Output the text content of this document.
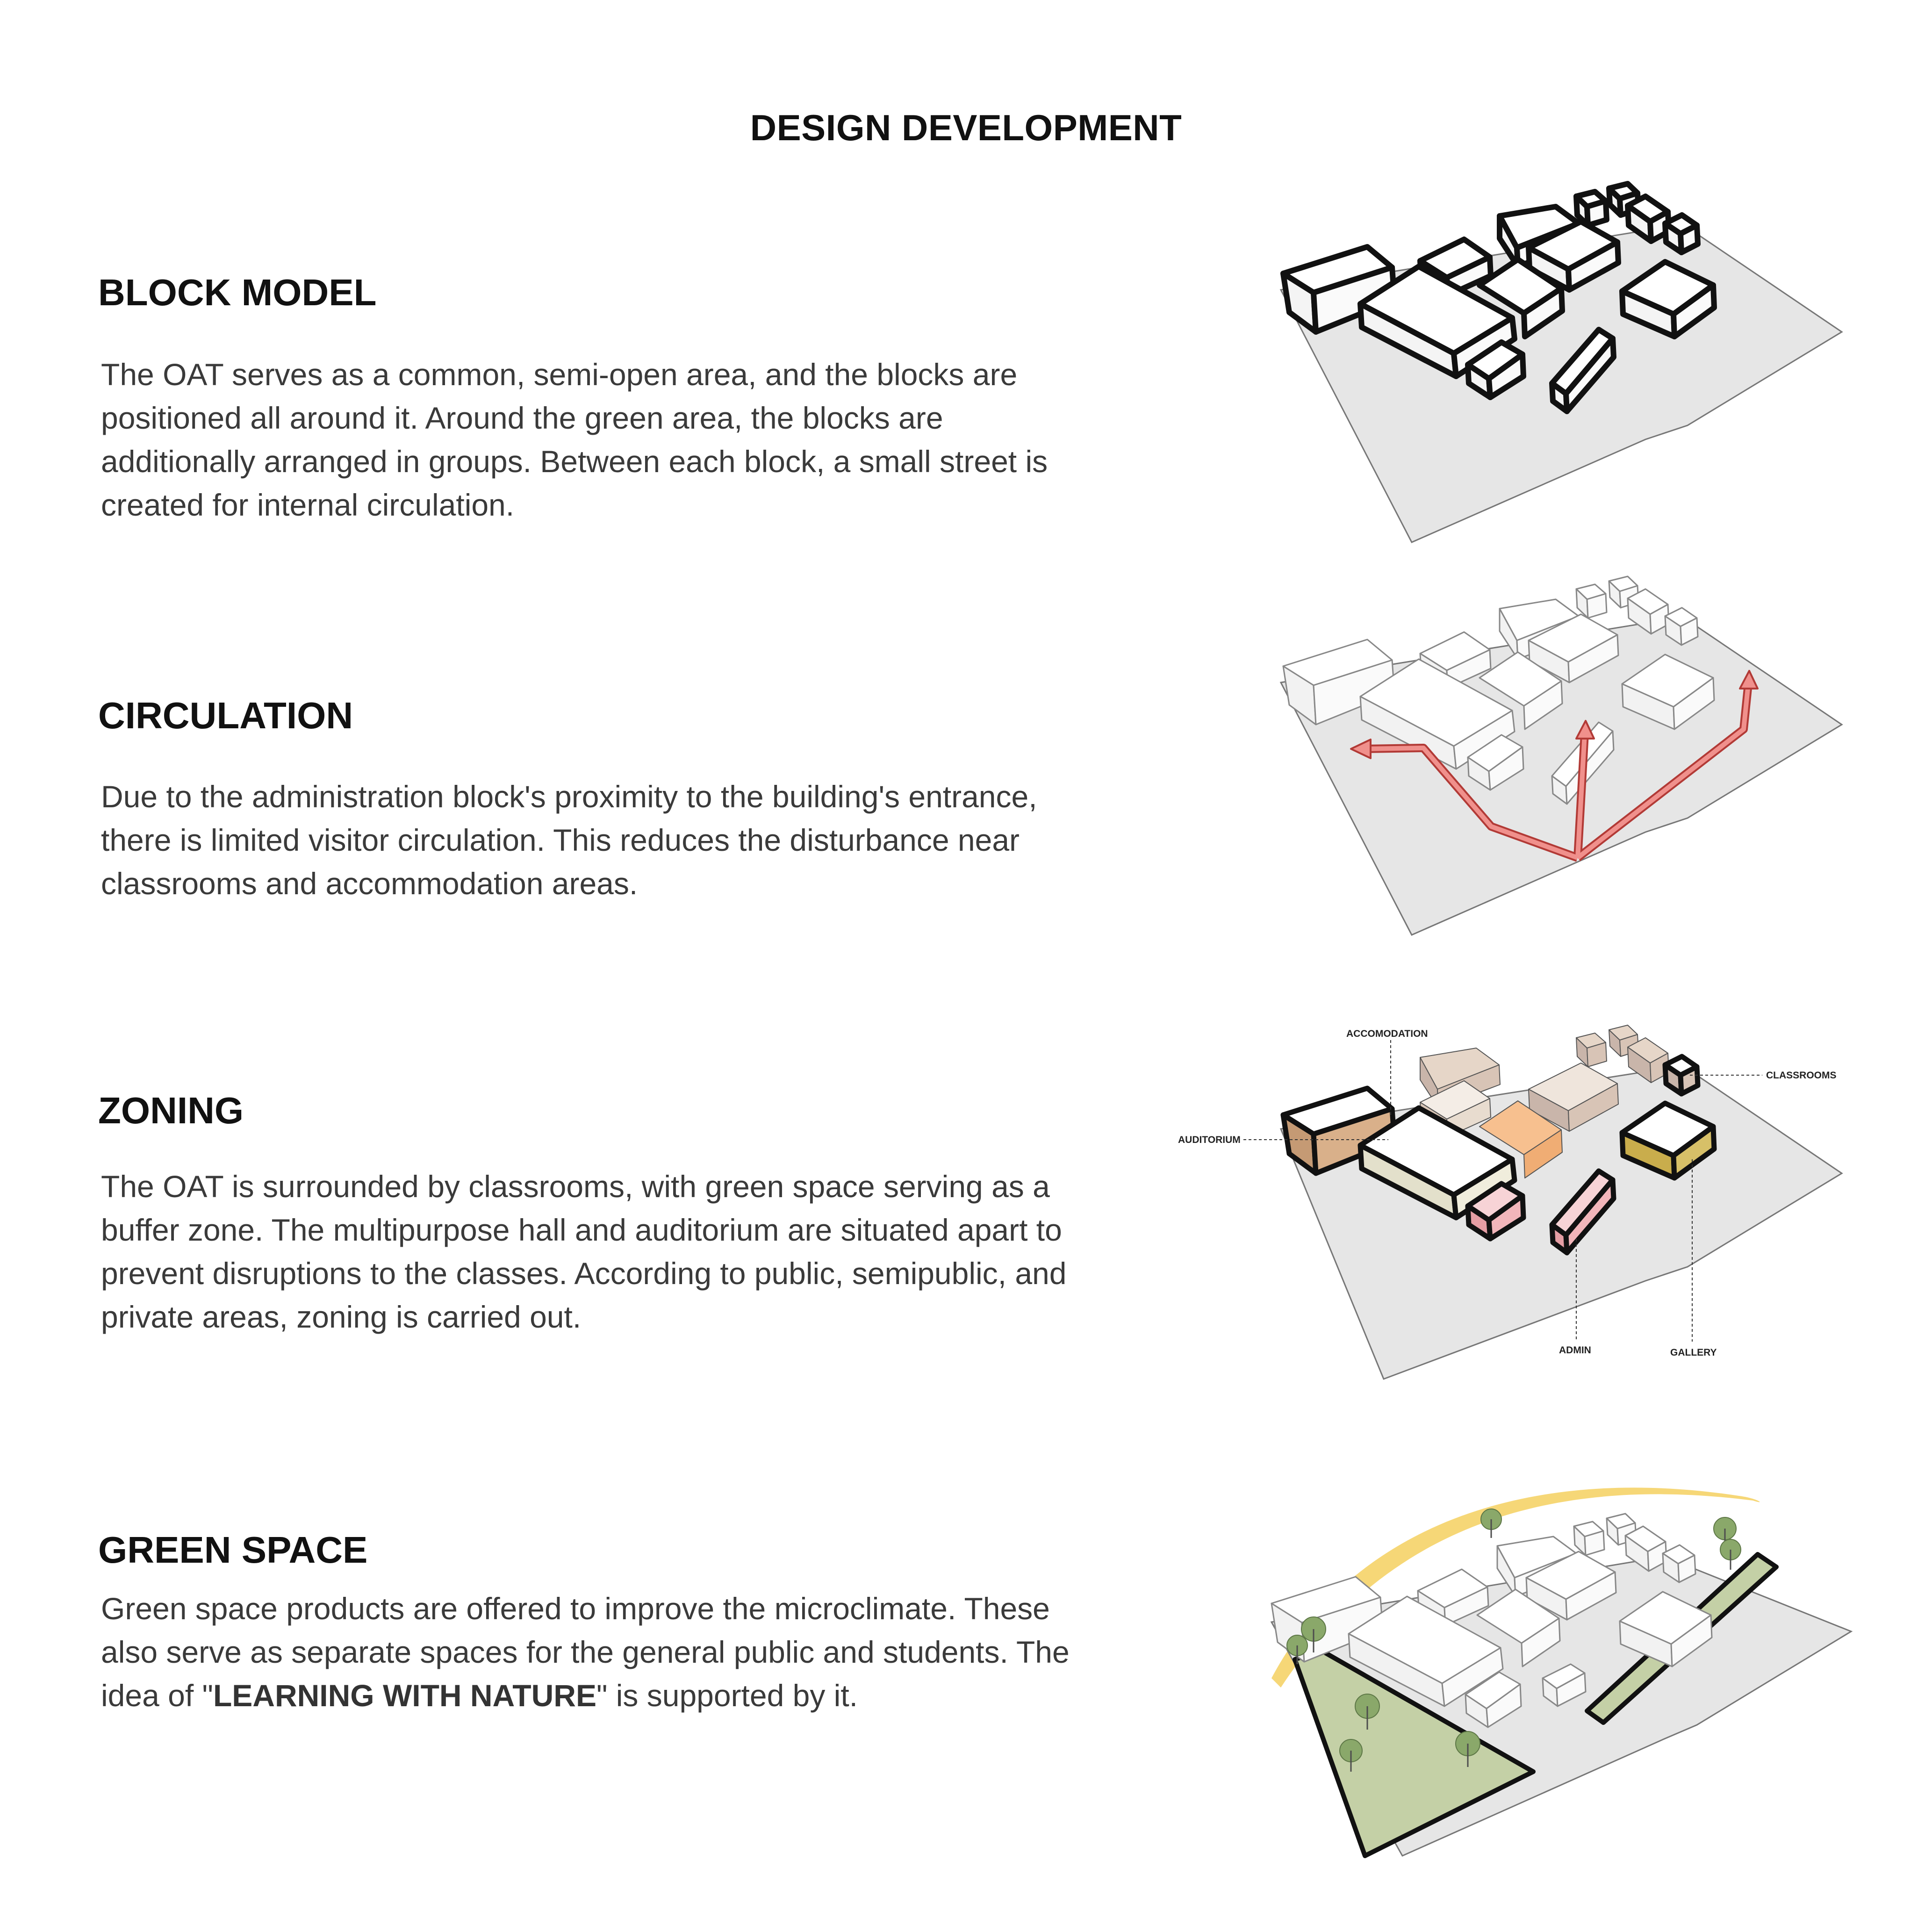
DESIGN DEVELOPMENT
BLOCK MODEL
The OAT serves as a common, semi-open area, and the blocks are positioned all around it. Around the green area, the blocks are additionally arranged in groups. Between each block, a small street is created for internal circulation.
CIRCULATION
Due to the administration block's proximity to the building's entrance, there is limited visitor circulation. This reduces the disturbance near classrooms and accommodation areas.
ZONING
The OAT is surrounded by classrooms, with green space serving as a buffer zone. The multipurpose hall and auditorium are situated apart to prevent disruptions to the classes. According to public, semipublic, and private areas, zoning is carried out.
GREEN SPACE
Green space products are offered to improve the microclimate. These also serve as separate spaces for the general public and students. The idea of "LEARNING WITH NATURE" is supported by it.
ACCOMODATION
CLASSROOMS
AUDITORIUM
ADMIN	GALLERY
